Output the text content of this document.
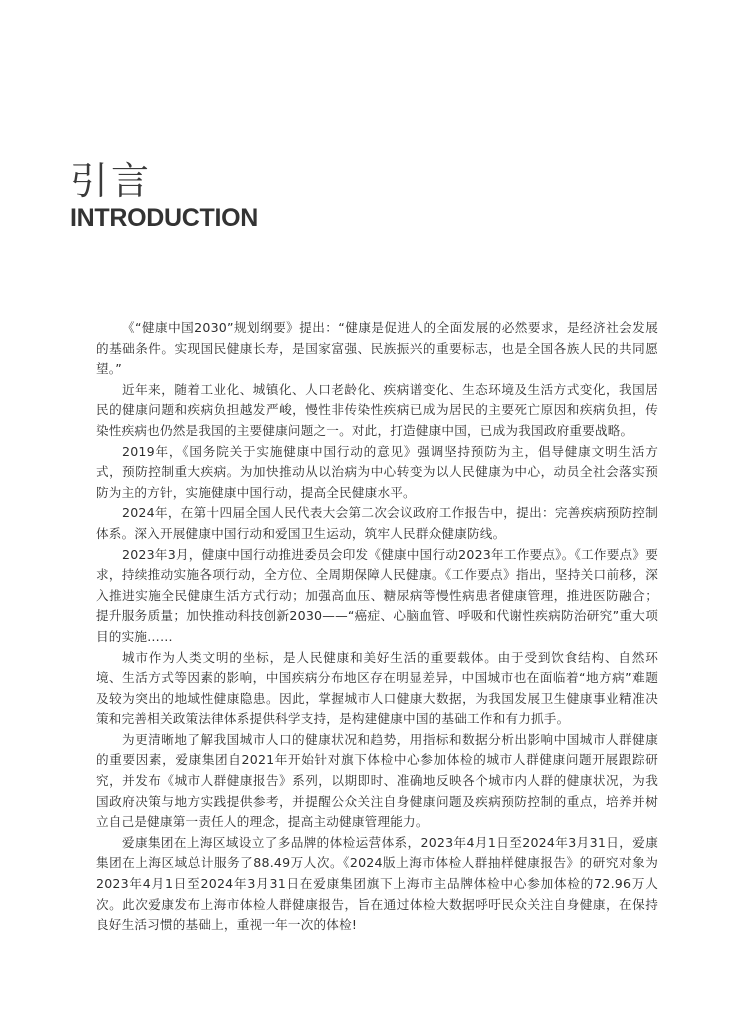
引言
INTRODUCTION

《“健康中国2030”规划纲要》提出：“健康是促进人的全面发展的必然要求，是经济社会发展的基础条件。实现国民健康长寿，是国家富强、民族振兴的重要标志，也是全国各族人民的共同愿望。”

近年来，随着工业化、城镇化、人口老龄化、疾病谱变化、生态环境及生活方式变化，我国居民的健康问题和疾病负担越发严峻，慢性非传染性疾病已成为居民的主要死亡原因和疾病负担，传染性疾病也仍然是我国的主要健康问题之一。对此，打造健康中国，已成为我国政府重要战略。

2019年，《国务院关于实施健康中国行动的意见》强调坚持预防为主，倡导健康文明生活方式，预防控制重大疾病。为加快推动从以治病为中心转变为以人民健康为中心，动员全社会落实预防为主的方针，实施健康中国行动，提高全民健康水平。

2024年，在第十四届全国人民代表大会第二次会议政府工作报告中，提出：完善疾病预防控制体系。深入开展健康中国行动和爱国卫生运动，筑牢人民群众健康防线。

2023年3月，健康中国行动推进委员会印发《健康中国行动2023年工作要点》。《工作要点》要求，持续推动实施各项行动，全方位、全周期保障人民健康。《工作要点》指出，坚持关口前移，深入推进实施全民健康生活方式行动；加强高血压、糖尿病等慢性病患者健康管理，推进医防融合；提升服务质量；加快推动科技创新2030——“癌症、心脑血管、呼吸和代谢性疾病防治研究”重大项目的实施……

城市作为人类文明的坐标，是人民健康和美好生活的重要载体。由于受到饮食结构、自然环境、生活方式等因素的影响，中国疾病分布地区存在明显差异，中国城市也在面临着“地方病”难题及较为突出的地域性健康隐患。因此，掌握城市人口健康大数据，为我国发展卫生健康事业精准决策和完善相关政策法律体系提供科学支持，是构建健康中国的基础工作和有力抓手。

为更清晰地了解我国城市人口的健康状况和趋势，用指标和数据分析出影响中国城市人群健康的重要因素，爱康集团自2021年开始针对旗下体检中心参加体检的城市人群健康问题开展跟踪研究，并发布《城市人群健康报告》系列，以期即时、准确地反映各个城市内人群的健康状况，为我国政府决策与地方实践提供参考，并提醒公众关注自身健康问题及疾病预防控制的重点，培养并树立自己是健康第一责任人的理念，提高主动健康管理能力。

爱康集团在上海区域设立了多品牌的体检运营体系，2023年4月1日至2024年3月31日，爱康集团在上海区域总计服务了88.49万人次。《2024版上海市体检人群抽样健康报告》的研究对象为2023年4月1日至2024年3月31日在爱康集团旗下上海市主品牌体检中心参加体检的72.96万人次。此次爱康发布上海市体检人群健康报告，旨在通过体检大数据呼吁民众关注自身健康，在保持良好生活习惯的基础上，重视一年一次的体检!
